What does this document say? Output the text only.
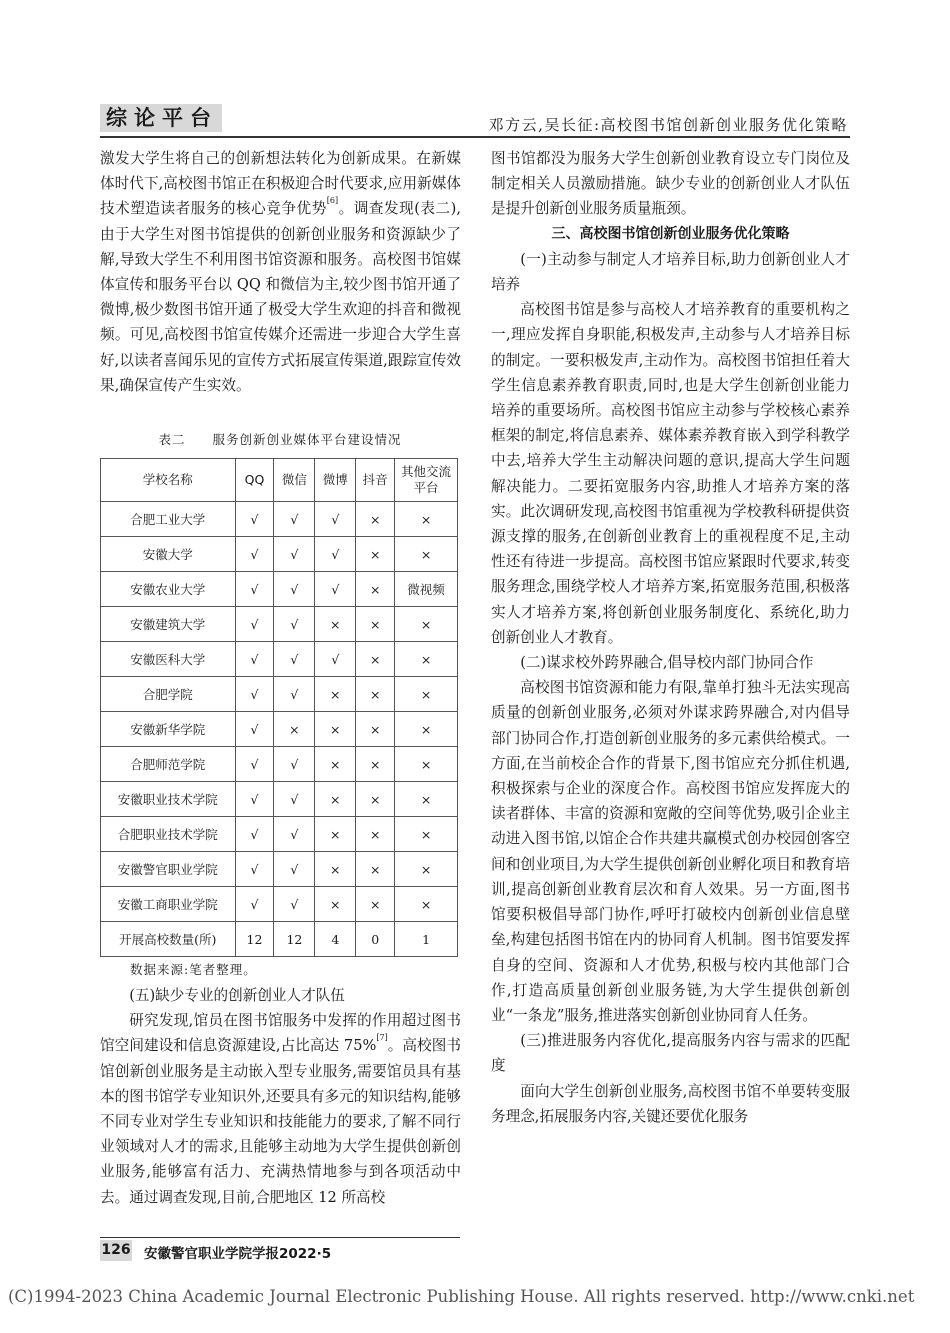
综论平台	邓方云,吴长征:高校图书馆创新创业服务优化策略

激发大学生将自己的创新想法转化为创新成果。在新媒体时代下,高校图书馆正在积极迎合时代要求,应用新媒体技术塑造读者服务的核心竞争优势[6]。调查发现(表二),由于大学生对图书馆提供的创新创业服务和资源缺少了解,导致大学生不利用图书馆资源和服务。高校图书馆媒体宣传和服务平台以 QQ 和微信为主,较少图书馆开通了微博,极少数图书馆开通了极受大学生欢迎的抖音和微视频。可见,高校图书馆宣传媒介还需进一步迎合大学生喜好,以读者喜闻乐见的宣传方式拓展宣传渠道,跟踪宣传效果,确保宣传产生实效。

表二　　服务创新创业媒体平台建设情况
学校名称	QQ	微信	微博	抖音	其他交流平台
合肥工业大学	√	√	√	×	×
安徽大学	√	√	√	×	×
安徽农业大学	√	√	√	×	微视频
安徽建筑大学	√	√	×	×	×
安徽医科大学	√	√	√	×	×
合肥学院	√	√	×	×	×
安徽新华学院	√	×	×	×	×
合肥师范学院	√	√	×	×	×
安徽职业技术学院	√	√	×	×	×
合肥职业技术学院	√	√	×	×	×
安徽警官职业学院	√	√	×	×	×
安徽工商职业学院	√	√	×	×	×
开展高校数量(所)	12	12	4	0	1
数据来源:笔者整理。

(五)缺少专业的创新创业人才队伍

研究发现,馆员在图书馆服务中发挥的作用超过图书馆空间建设和信息资源建设,占比高达 75%[7]。高校图书馆创新创业服务是主动嵌入型专业服务,需要馆员具有基本的图书馆学专业知识外,还要具有多元的知识结构,能够不同专业对学生专业知识和技能能力的要求,了解不同行业领域对人才的需求,且能够主动地为大学生提供创新创业服务,能够富有活力、充满热情地参与到各项活动中去。通过调查发现,目前,合肥地区 12 所高校

图书馆都没为服务大学生创新创业教育设立专门岗位及制定相关人员激励措施。缺少专业的创新创业人才队伍是提升创新创业服务质量瓶颈。

三、高校图书馆创新创业服务优化策略

(一)主动参与制定人才培养目标,助力创新创业人才培养

高校图书馆是参与高校人才培养教育的重要机构之一,理应发挥自身职能,积极发声,主动参与人才培养目标的制定。一要积极发声,主动作为。高校图书馆担任着大学生信息素养教育职责,同时,也是大学生创新创业能力培养的重要场所。高校图书馆应主动参与学校核心素养框架的制定,将信息素养、媒体素养教育嵌入到学科教学中去,培养大学生主动解决问题的意识,提高大学生问题解决能力。二要拓宽服务内容,助推人才培养方案的落实。此次调研发现,高校图书馆重视为学校教科研提供资源支撑的服务,在创新创业教育上的重视程度不足,主动性还有待进一步提高。高校图书馆应紧跟时代要求,转变服务理念,围绕学校人才培养方案,拓宽服务范围,积极落实人才培养方案,将创新创业服务制度化、系统化,助力创新创业人才教育。

(二)谋求校外跨界融合,倡导校内部门协同合作

高校图书馆资源和能力有限,靠单打独斗无法实现高质量的创新创业服务,必须对外谋求跨界融合,对内倡导部门协同合作,打造创新创业服务的多元素供给模式。一方面,在当前校企合作的背景下,图书馆应充分抓住机遇,积极探索与企业的深度合作。高校图书馆应发挥庞大的读者群体、丰富的资源和宽敞的空间等优势,吸引企业主动进入图书馆,以馆企合作共建共赢模式创办校园创客空间和创业项目,为大学生提供创新创业孵化项目和教育培训,提高创新创业教育层次和育人效果。另一方面,图书馆要积极倡导部门协作,呼吁打破校内创新创业信息壁垒,构建包括图书馆在内的协同育人机制。图书馆要发挥自身的空间、资源和人才优势,积极与校内其他部门合作,打造高质量创新创业服务链,为大学生提供创新创业“一条龙”服务,推进落实创新创业协同育人任务。

(三)推进服务内容优化,提高服务内容与需求的匹配度

面向大学生创新创业服务,高校图书馆不单要转变服务理念,拓展服务内容,关键还要优化服务

126 安徽警官职业学院学报2022·5
(C)1994-2023 China Academic Journal Electronic Publishing House. All rights reserved. http://www.cnki.net
